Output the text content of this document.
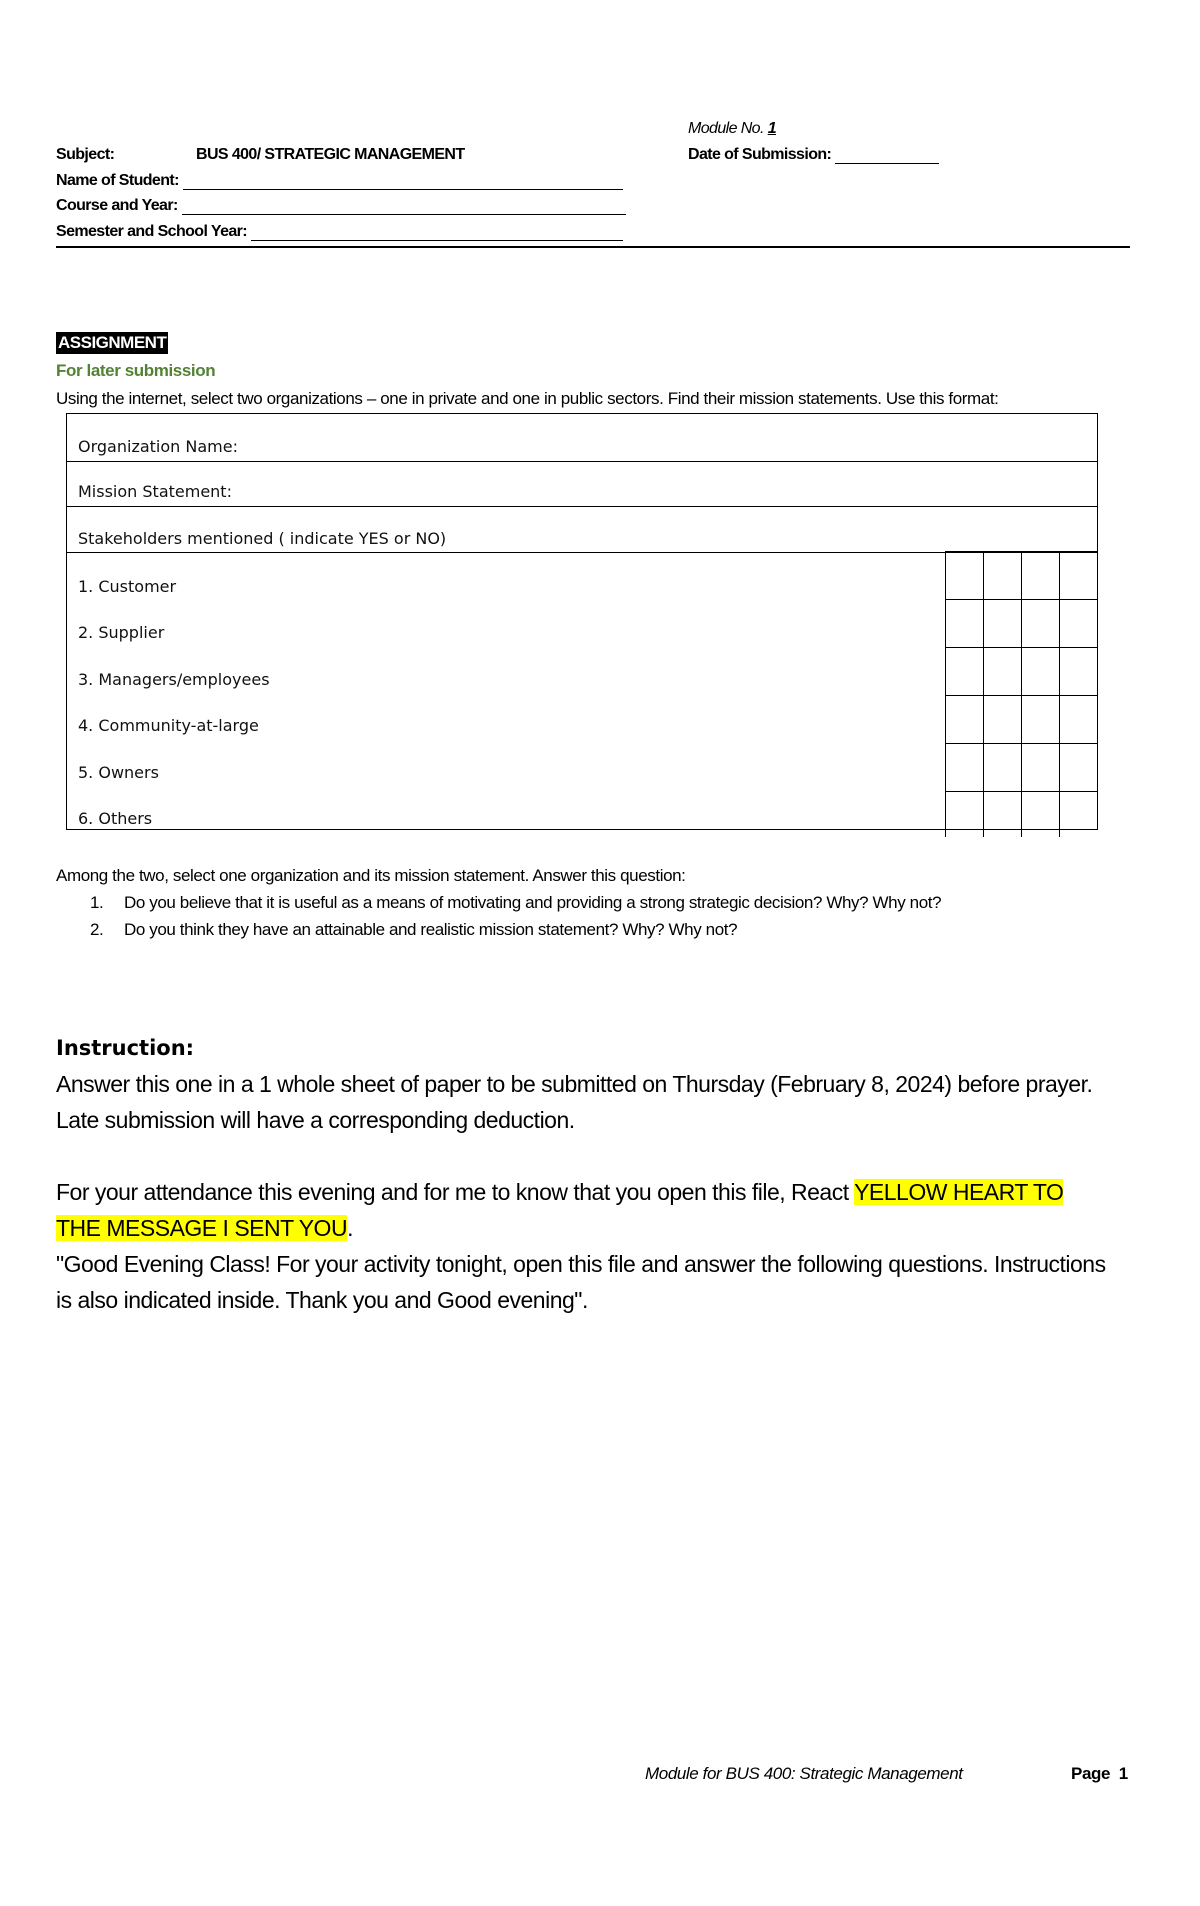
Module No. 1
Subject:	BUS 400/ STRATEGIC MANAGEMENT	Date of Submission:
Name of Student:
Course and Year:
Semester and School Year:
ASSIGNMENT
For later submission
Using the internet, select two organizations – one in private and one in public sectors. Find their mission statements. Use this format:
Organization Name:
Mission Statement:
Stakeholders mentioned ( indicate YES or NO)
1. Customer
2. Supplier
3. Managers/employees
4. Community-at-large
5. Owners
6. Others

Among the two, select one organization and its mission statement. Answer this question:
1. Do you believe that it is useful as a means of motivating and providing a strong strategic decision? Why? Why not?
2. Do you think they have an attainable and realistic mission statement? Why? Why not?
Instruction:
Answer this one in a 1 whole sheet of paper to be submitted on Thursday (February 8, 2024) before prayer.
Late submission will have a corresponding deduction.
For your attendance this evening and for me to know that you open this file, React YELLOW HEART TO
THE MESSAGE I SENT YOU.
"Good Evening Class! For your activity tonight, open this file and answer the following questions. Instructions
is also indicated inside. Thank you and Good evening".
Module for BUS 400: Strategic Management	Page 1
